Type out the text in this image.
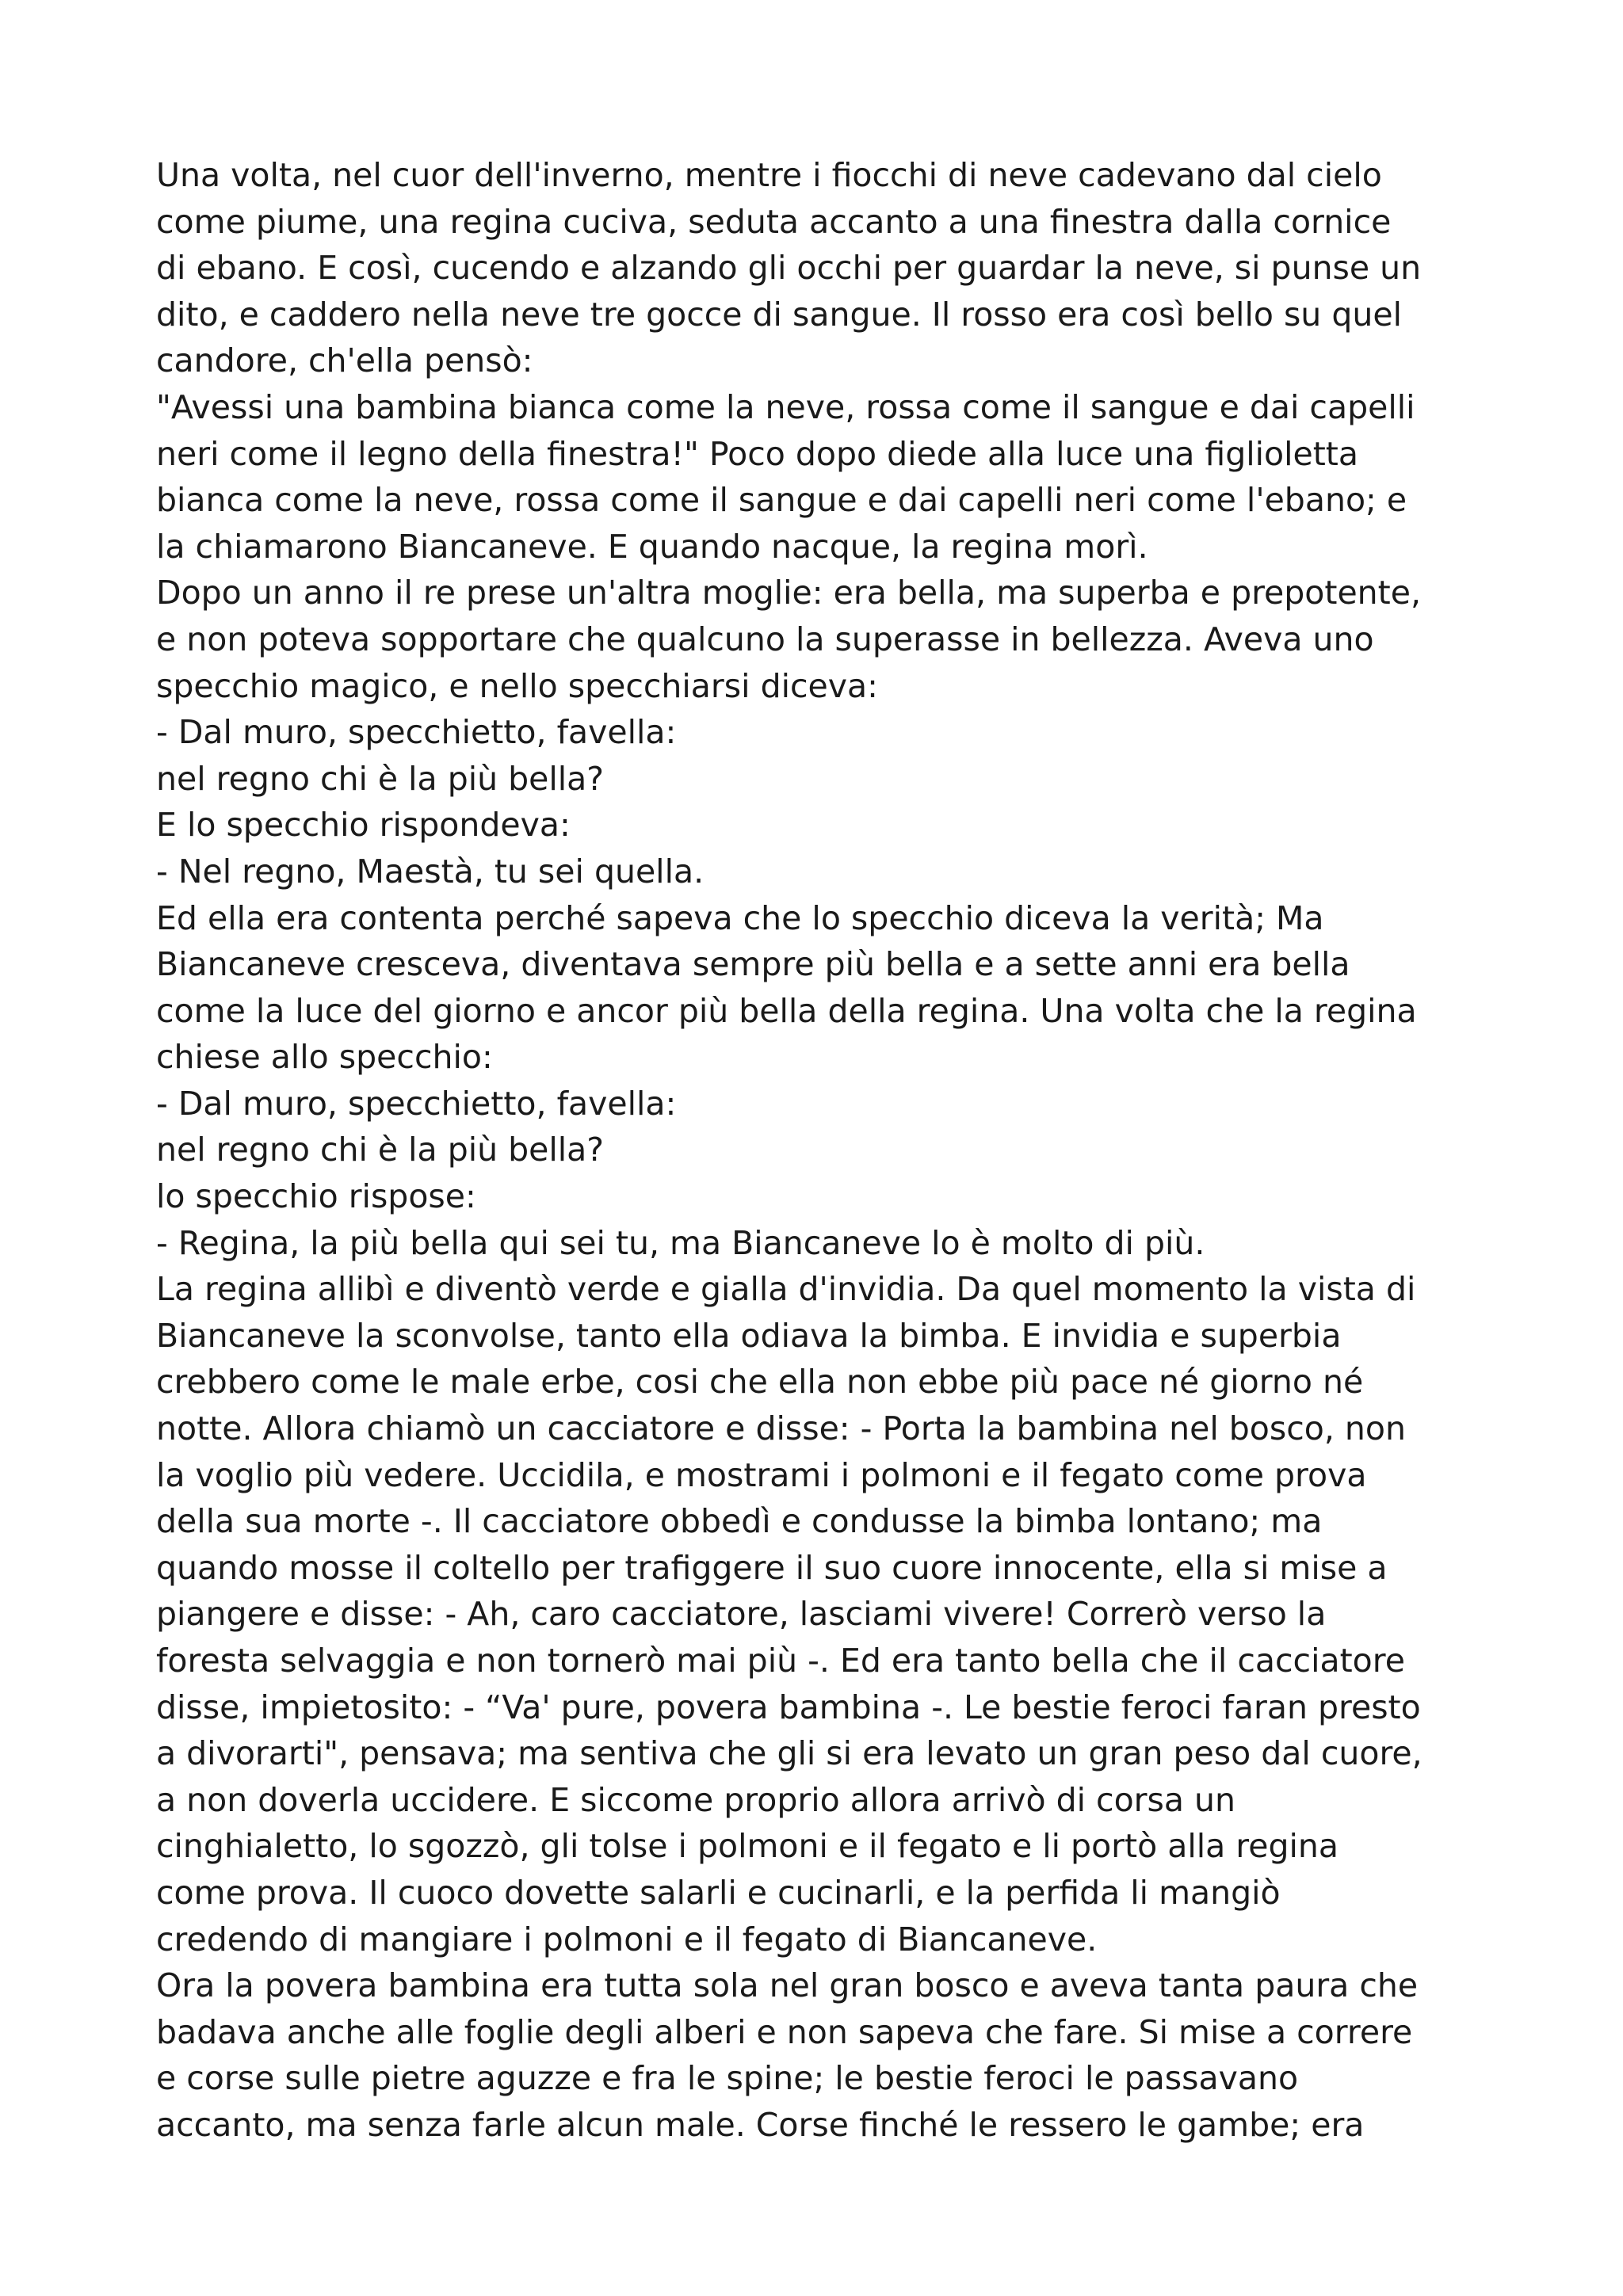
Una volta, nel cuor dell'inverno, mentre i fiocchi di neve cadevano dal cielo

come piume, una regina cuciva, seduta accanto a una finestra dalla cornice

di ebano. E così, cucendo e alzando gli occhi per guardar la neve, si punse un

dito, e caddero nella neve tre gocce di sangue. Il rosso era così bello su quel

candore, ch'ella pensò:

"Avessi una bambina bianca come la neve, rossa come il sangue e dai capelli

neri come il legno della finestra!" Poco dopo diede alla luce una figlioletta

bianca come la neve, rossa come il sangue e dai capelli neri come l'ebano; e

la chiamarono Biancaneve. E quando nacque, la regina morì.

Dopo un anno il re prese un'altra moglie: era bella, ma superba e prepotente,

e non poteva sopportare che qualcuno la superasse in bellezza. Aveva uno

specchio magico, e nello specchiarsi diceva:

- Dal muro, specchietto, favella:

nel regno chi è la più bella?

E lo specchio rispondeva:

- Nel regno, Maestà, tu sei quella.

Ed ella era contenta perché sapeva che lo specchio diceva la verità; Ma

Biancaneve cresceva, diventava sempre più bella e a sette anni era bella

come la luce del giorno e ancor più bella della regina. Una volta che la regina

chiese allo specchio:

- Dal muro, specchietto, favella:

nel regno chi è la più bella?

lo specchio rispose:

- Regina, la più bella qui sei tu, ma Biancaneve lo è molto di più.

La regina allibì e diventò verde e gialla d'invidia. Da quel momento la vista di

Biancaneve la sconvolse, tanto ella odiava la bimba. E invidia e superbia

crebbero come le male erbe, cosi che ella non ebbe più pace né giorno né

notte. Allora chiamò un cacciatore e disse: - Porta la bambina nel bosco, non

la voglio più vedere. Uccidila, e mostrami i polmoni e il fegato come prova

della sua morte -. Il cacciatore obbedì e condusse la bimba lontano; ma

quando mosse il coltello per trafiggere il suo cuore innocente, ella si mise a

piangere e disse: - Ah, caro cacciatore, lasciami vivere! Correrò verso la

foresta selvaggia e non tornerò mai più -. Ed era tanto bella che il cacciatore

disse, impietosito: - “Va' pure, povera bambina -. Le bestie feroci faran presto

a divorarti", pensava; ma sentiva che gli si era levato un gran peso dal cuore,

a non doverla uccidere. E siccome proprio allora arrivò di corsa un

cinghialetto, lo sgozzò, gli tolse i polmoni e il fegato e li portò alla regina

come prova. Il cuoco dovette salarli e cucinarli, e la perfida li mangiò

credendo di mangiare i polmoni e il fegato di Biancaneve.

Ora la povera bambina era tutta sola nel gran bosco e aveva tanta paura che

badava anche alle foglie degli alberi e non sapeva che fare. Si mise a correre

e corse sulle pietre aguzze e fra le spine; le bestie feroci le passavano

accanto, ma senza farle alcun male. Corse finché le ressero le gambe; era
